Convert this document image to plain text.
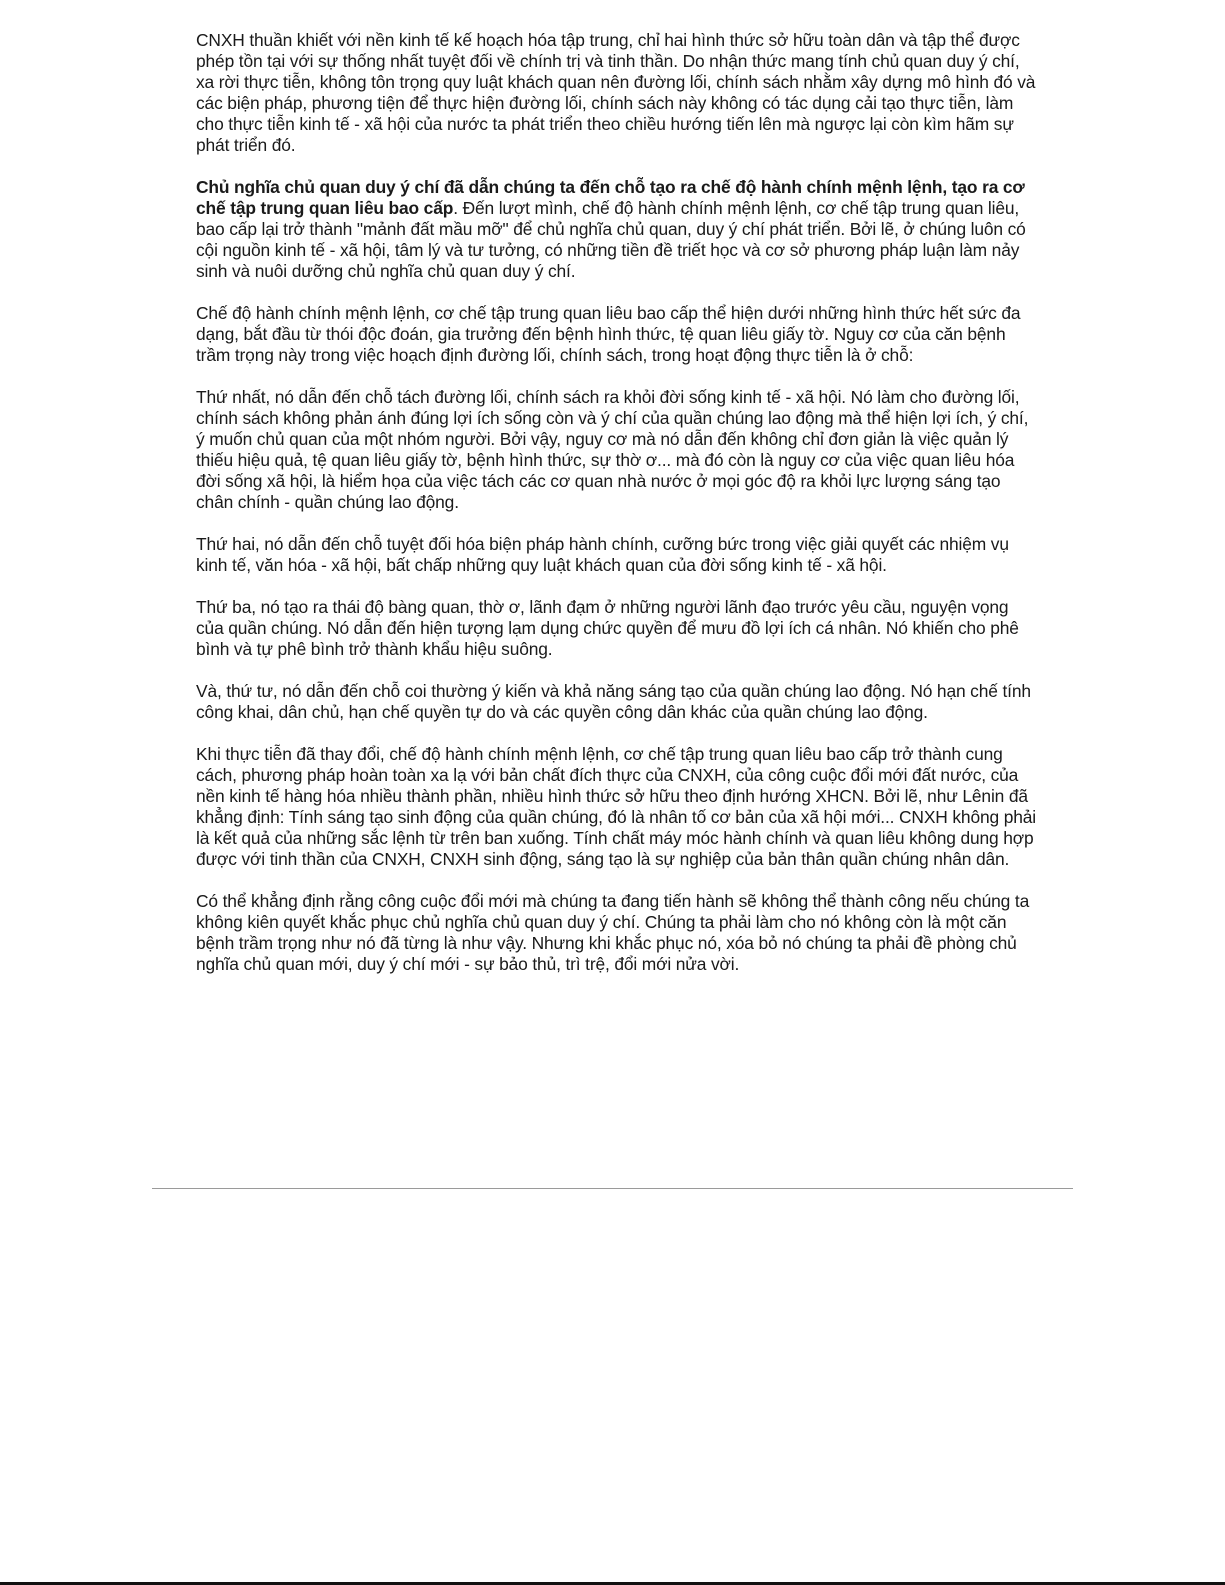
CNXH thuần khiết với nền kinh tế kế hoạch hóa tập trung, chỉ hai hình thức sở hữu toàn dân và tập thể được phép tồn tại với sự thống nhất tuyệt đối về chính trị và tinh thần. Do nhận thức mang tính chủ quan duy ý chí, xa rời thực tiễn, không tôn trọng quy luật khách quan nên đường lối, chính sách nhằm xây dựng mô hình đó và các biện pháp, phương tiện để thực hiện đường lối, chính sách này không có tác dụng cải tạo thực tiễn, làm cho thực tiễn kinh tế - xã hội của nước ta phát triển theo chiều hướng tiến lên mà ngược lại còn kìm hãm sự phát triển đó.

Chủ nghĩa chủ quan duy ý chí đã dẫn chúng ta đến chỗ tạo ra chế độ hành chính mệnh lệnh, tạo ra cơ chế tập trung quan liêu bao cấp. Đến lượt mình, chế độ hành chính mệnh lệnh, cơ chế tập trung quan liêu, bao cấp lại trở thành "mảnh đất mầu mỡ" để chủ nghĩa chủ quan, duy ý chí phát triển. Bởi lẽ, ở chúng luôn có cội nguồn kinh tế - xã hội, tâm lý và tư tưởng, có những tiền đề triết học và cơ sở phương pháp luận làm nảy sinh và nuôi dưỡng chủ nghĩa chủ quan duy ý chí.

Chế độ hành chính mệnh lệnh, cơ chế tập trung quan liêu bao cấp thể hiện dưới những hình thức hết sức đa dạng, bắt đầu từ thói độc đoán, gia trưởng đến bệnh hình thức, tệ quan liêu giấy tờ. Nguy cơ của căn bệnh trầm trọng này trong việc hoạch định đường lối, chính sách, trong hoạt động thực tiễn là ở chỗ:

Thứ nhất, nó dẫn đến chỗ tách đường lối, chính sách ra khỏi đời sống kinh tế - xã hội. Nó làm cho đường lối, chính sách không phản ánh đúng lợi ích sống còn và ý chí của quần chúng lao động mà thể hiện lợi ích, ý chí, ý muốn chủ quan của một nhóm người. Bởi vậy, nguy cơ mà nó dẫn đến không chỉ đơn giản là việc quản lý thiếu hiệu quả, tệ quan liêu giấy tờ, bệnh hình thức, sự thờ ơ... mà đó còn là nguy cơ của việc quan liêu hóa đời sống xã hội, là hiểm họa của việc tách các cơ quan nhà nước ở mọi góc độ ra khỏi lực lượng sáng tạo chân chính - quần chúng lao động.

Thứ hai, nó dẫn đến chỗ tuyệt đối hóa biện pháp hành chính, cưỡng bức trong việc giải quyết các nhiệm vụ kinh tế, văn hóa - xã hội, bất chấp những quy luật khách quan của đời sống kinh tế - xã hội.

Thứ ba, nó tạo ra thái độ bàng quan, thờ ơ, lãnh đạm ở những người lãnh đạo trước yêu cầu, nguyện vọng của quần chúng. Nó dẫn đến hiện tượng lạm dụng chức quyền để mưu đồ lợi ích cá nhân. Nó khiến cho phê bình và tự phê bình trở thành khẩu hiệu suông.

Và, thứ tư, nó dẫn đến chỗ coi thường ý kiến và khả năng sáng tạo của quần chúng lao động. Nó hạn chế tính công khai, dân chủ, hạn chế quyền tự do và các quyền công dân khác của quần chúng lao động.

Khi thực tiễn đã thay đổi, chế độ hành chính mệnh lệnh, cơ chế tập trung quan liêu bao cấp trở thành cung cách, phương pháp hoàn toàn xa lạ với bản chất đích thực của CNXH, của công cuộc đổi mới đất nước, của nền kinh tế hàng hóa nhiều thành phần, nhiều hình thức sở hữu theo định hướng XHCN. Bởi lẽ, như Lênin đã khẳng định: Tính sáng tạo sinh động của quần chúng, đó là nhân tố cơ bản của xã hội mới... CNXH không phải là kết quả của những sắc lệnh từ trên ban xuống. Tính chất máy móc hành chính và quan liêu không dung hợp được với tinh thần của CNXH, CNXH sinh động, sáng tạo là sự nghiệp của bản thân quần chúng nhân dân.

Có thể khẳng định rằng công cuộc đổi mới mà chúng ta đang tiến hành sẽ không thể thành công nếu chúng ta không kiên quyết khắc phục chủ nghĩa chủ quan duy ý chí. Chúng ta phải làm cho nó không còn là một căn bệnh trầm trọng như nó đã từng là như vậy. Nhưng khi khắc phục nó, xóa bỏ nó chúng ta phải đề phòng chủ nghĩa chủ quan mới, duy ý chí mới - sự bảo thủ, trì trệ, đổi mới nửa vời.
